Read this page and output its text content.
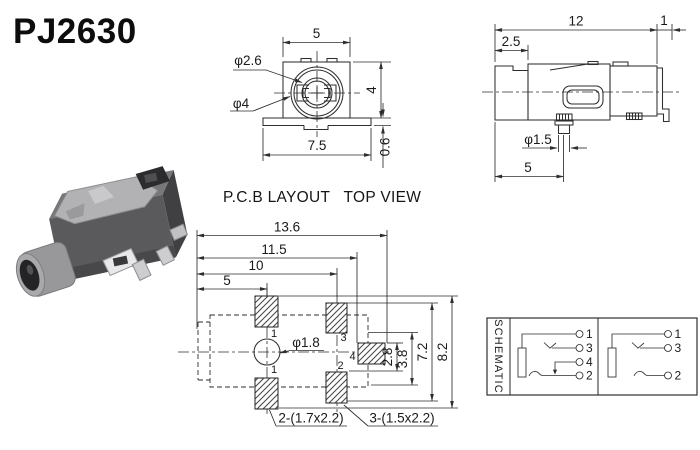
PJ2630	5
φ2.6
φ4
4
7.5	0.6
12	1
2.5
φ1.5
5
P.C.B LAYOUT   TOP VIEW
13.6
11.5
10
5
φ1.8
2.8 3.8 7.2 8.2
1
1
3
2
4
2-(1.7x2.2) 3-(1.5x2.2)
SCHEMATIC	1
3
4
2
1
3
2
